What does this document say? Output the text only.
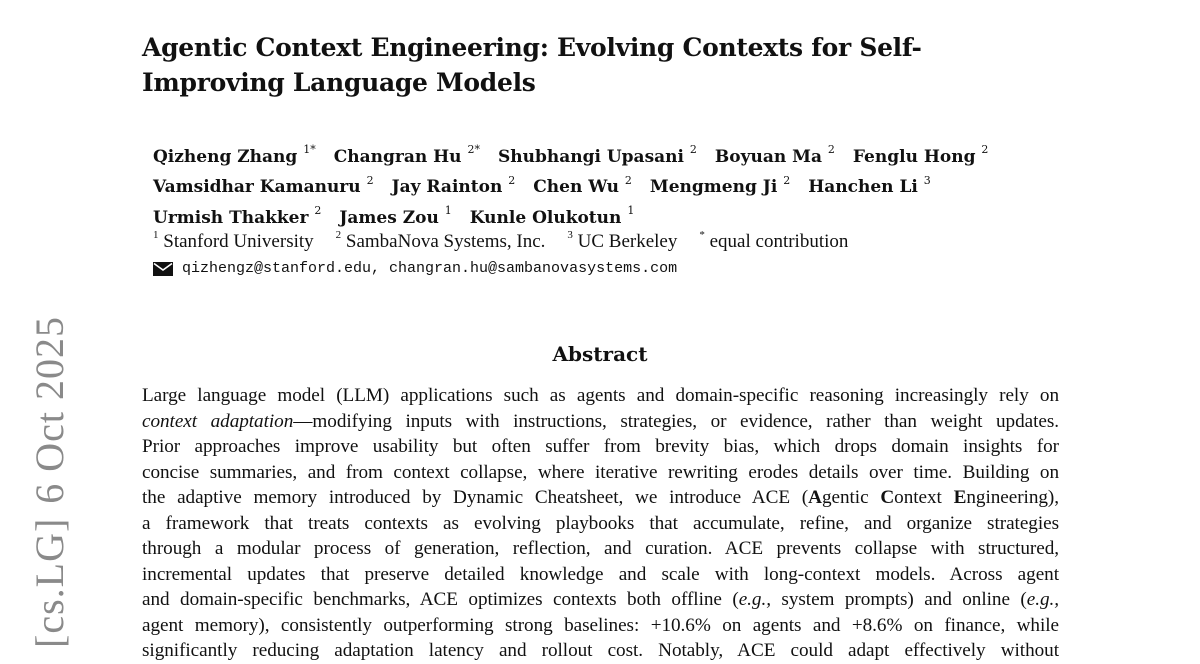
Agentic Context Engineering: Evolving Contexts for Self-Improving Language Models
Qizheng Zhang $^{1*}$ Changran Hu $^{2*}$ Shubhangi Upasani $^2$ Boyuan Ma $^2$ Fenglu Hong $^2$
Vamsidhar Kamanuru $^2$ Jay Rainton $^2$ Chen Wu $^2$ Mengmeng Ji $^2$ Hanchen Li $^3$
Urmish Thakker $^2$ James Zou $^1$ Kunle Olukotun $^1$
$^1$ Stanford University $^2$ SambaNova Systems, Inc. $^3$ UC Berkeley * equal contribution
qizhengz@stanford.edu, changran.hu@sambanovasystems.com
Abstract
Large language model (LLM) applications such as agents and domain-specific reasoning increasingly rely on
context adaptation—modifying inputs with instructions, strategies, or evidence, rather than weight updates.
Prior approaches improve usability but often suffer from brevity bias, which drops domain insights for
concise summaries, and from context collapse, where iterative rewriting erodes details over time. Building on
the adaptive memory introduced by Dynamic Cheatsheet, we introduce ACE (Agentic Context Engineering),
a framework that treats contexts as evolving playbooks that accumulate, refine, and organize strategies
through a modular process of generation, reflection, and curation. ACE prevents collapse with structured,
incremental updates that preserve detailed knowledge and scale with long-context models. Across agent
and domain-specific benchmarks, ACE optimizes contexts both offline (e.g., system prompts) and online (e.g.,
agent memory), consistently outperforming strong baselines: +10.6% on agents and +8.6% on finance, while
significantly reducing adaptation latency and rollout cost. Notably, ACE could adapt effectively without
[cs.LG]6 Oct 2025
